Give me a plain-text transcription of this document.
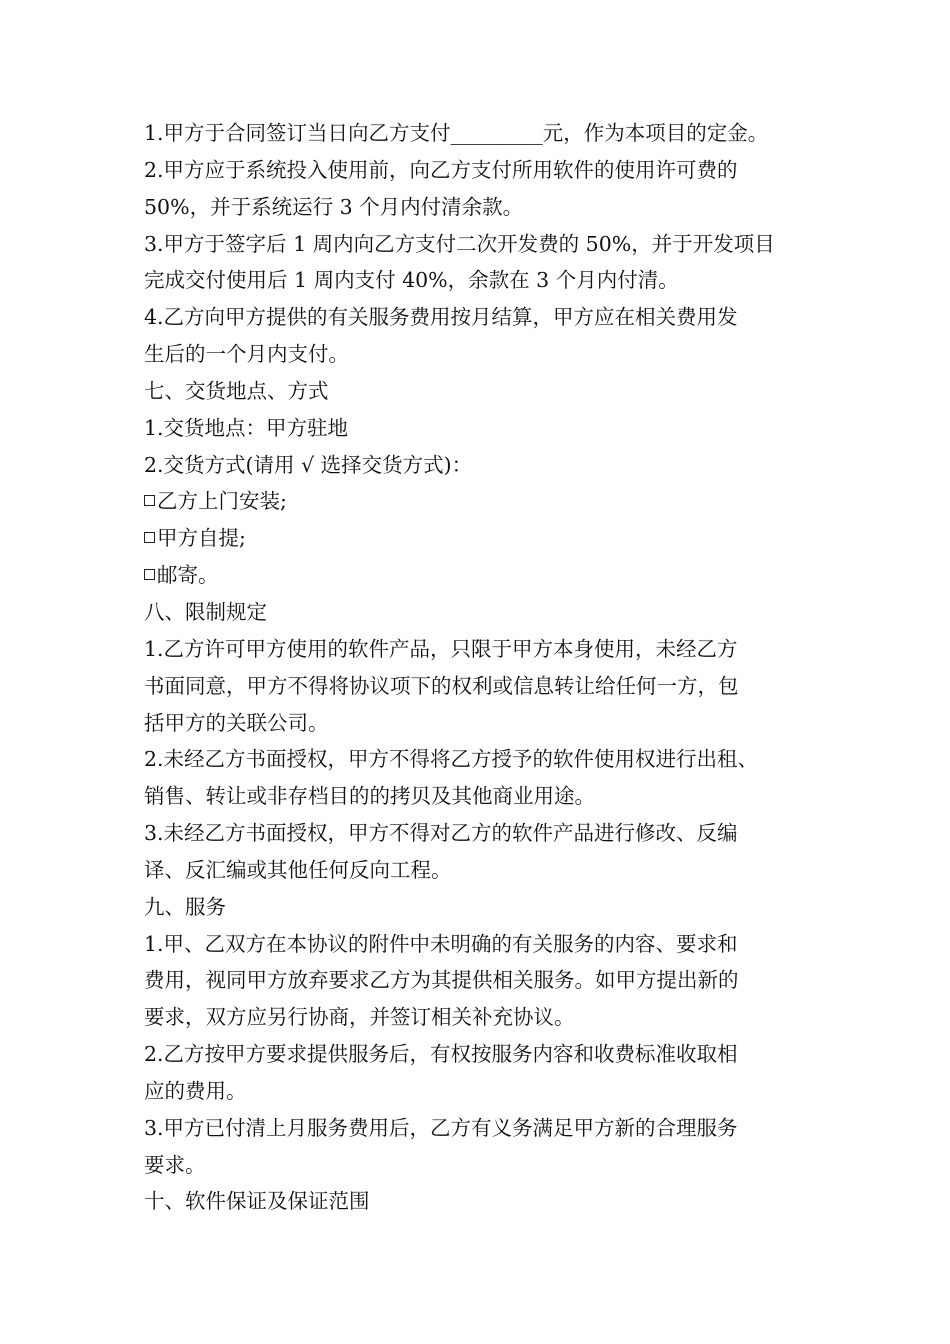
1.甲方于合同签订当日向乙方支付_________元，作为本项目的定金。
2.甲方应于系统投入使用前，向乙方支付所用软件的使用许可费的
50%，并于系统运行 3 个月内付清余款。
3.甲方于签字后 1 周内向乙方支付二次开发费的 50%，并于开发项目
完成交付使用后 1 周内支付 40%，余款在 3 个月内付清。
4.乙方向甲方提供的有关服务费用按月结算，甲方应在相关费用发
生后的一个月内支付。
七、交货地点、方式
1.交货地点：甲方驻地
2.交货方式(请用 √ 选择交货方式)：
乙方上门安装;
甲方自提;
邮寄。
八、限制规定
1.乙方许可甲方使用的软件产品，只限于甲方本身使用，未经乙方
书面同意，甲方不得将协议项下的权利或信息转让给任何一方，包
括甲方的关联公司。
2.未经乙方书面授权，甲方不得将乙方授予的软件使用权进行出租、
销售、转让或非存档目的的拷贝及其他商业用途。
3.未经乙方书面授权，甲方不得对乙方的软件产品进行修改、反编
译、反汇编或其他任何反向工程。
九、服务
1.甲、乙双方在本协议的附件中未明确的有关服务的内容、要求和
费用，视同甲方放弃要求乙方为其提供相关服务。如甲方提出新的
要求，双方应另行协商，并签订相关补充协议。
2.乙方按甲方要求提供服务后，有权按服务内容和收费标准收取相
应的费用。
3.甲方已付清上月服务费用后，乙方有义务满足甲方新的合理服务
要求。
十、软件保证及保证范围
